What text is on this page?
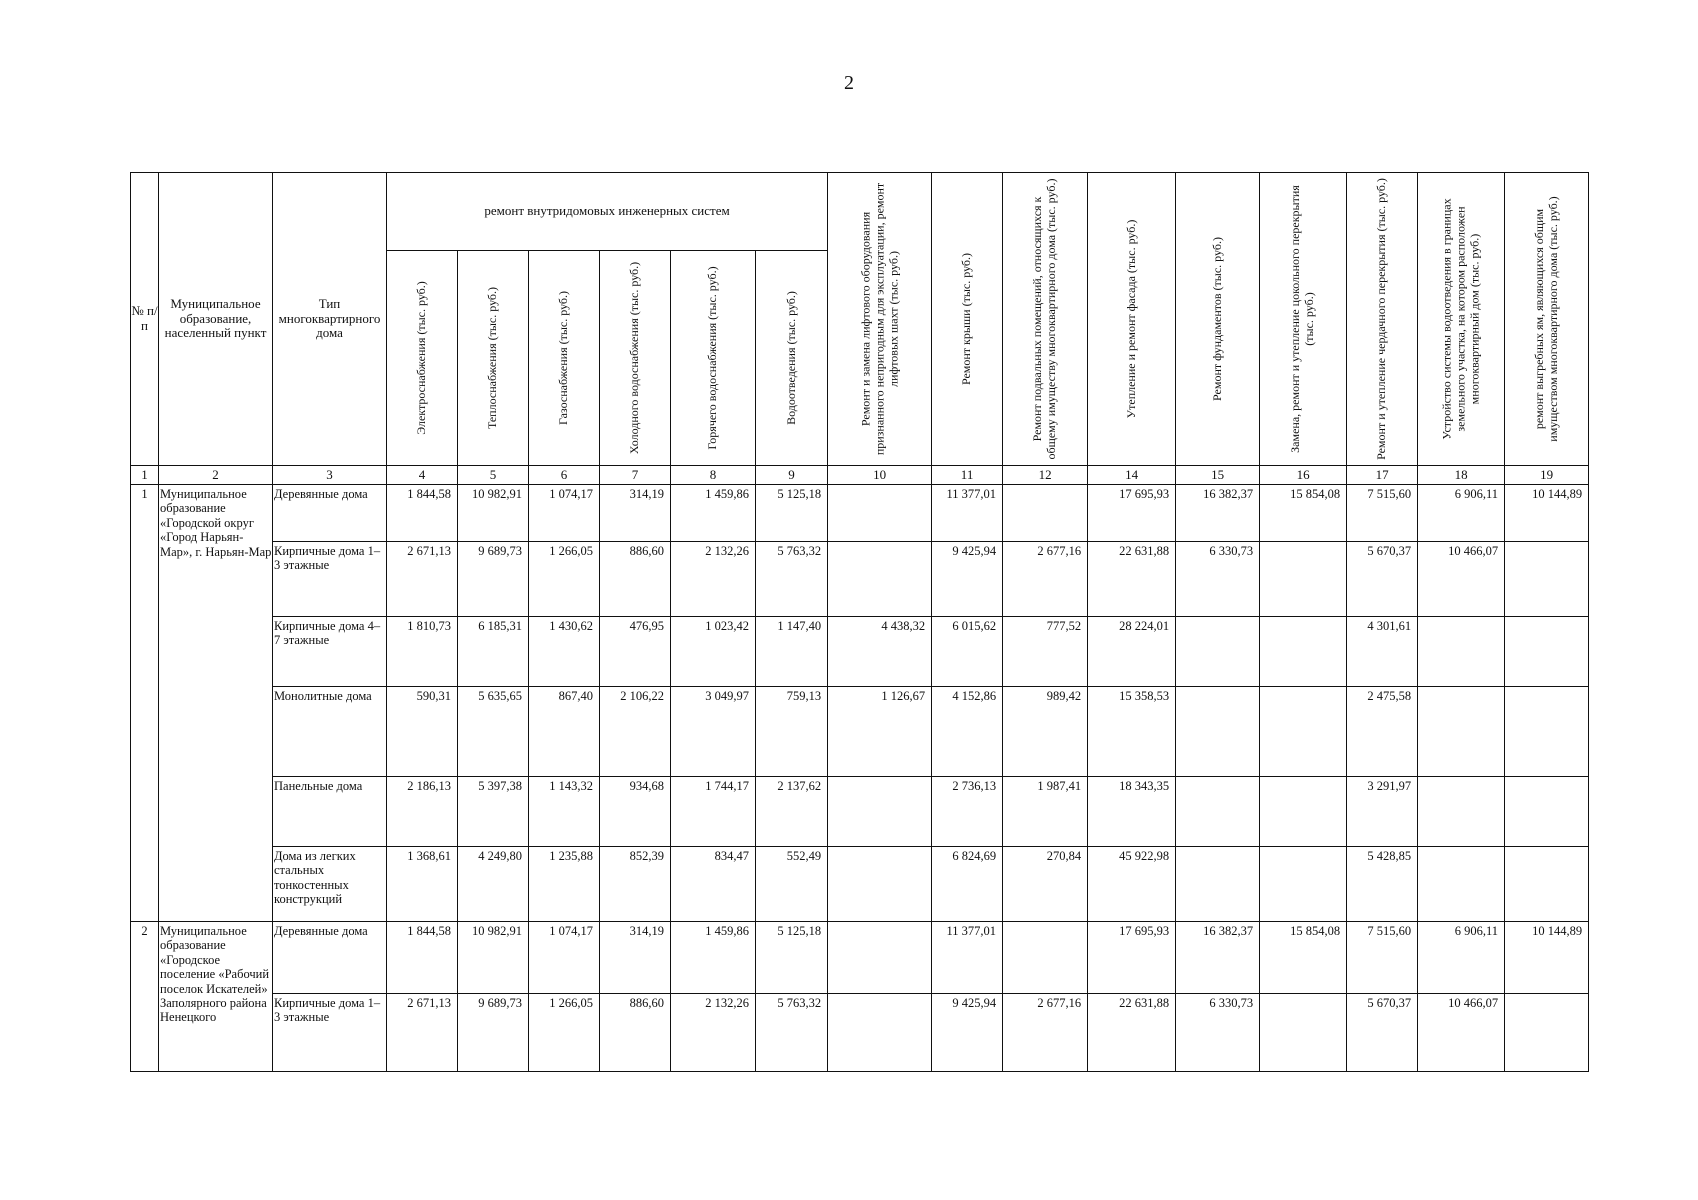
2
№ п/п	Муниципальное образование, населенный пункт	Тип многоквартирного дома	ремонт внутридомовых инженерных систем						Ремонт и замена лифтового оборудования признанного непригодным для эксплуатации, ремонт лифтовых шахт (тыс. руб.)	Ремонт крыши (тыс. руб.)	Ремонт подвальных помещений, относящихся к общему имуществу многоквартирного дома (тыс. руб.)	Утепление и ремонт фасада (тыс. руб.)	Ремонт фундаментов (тыс. руб.)	Замена, ремонт и утепление цокольного перекрытия (тыс. руб.)	Ремонт и утепление чердачного перекрытия (тыс. руб.)	Устройство системы водоотведения в границах земельного участка, на котором расположен многоквартирный дом (тыс. руб.)	ремонт выгребных ям, являющихся общим имуществом многоквартирного дома (тыс. руб.)

			Электроснабжения (тыс. руб.)	Теплоснабжения (тыс. руб.)	Газоснабжения (тыс. руб.)	Холодного водоснабжения (тыс. руб.)	Горячего водоснабжения (тыс. руб.)	Водоотведения (тыс. руб.)									

1	2	3	4	5	6	7	8	9	10	11	12	14	15	16	17	18	19
1	Муниципальное образование «Городской округ «Город Нарьян-Мар», г. Нарьян-Мар	Деревянные дома	1 844,58	10 982,91	1 074,17	314,19	1 459,86	5 125,18		11 377,01		17 695,93	16 382,37	15 854,08	7 515,60	6 906,11	10 144,89
		Кирпичные дома 1–3 этажные	2 671,13	9 689,73	1 266,05	886,60	2 132,26	5 763,32		9 425,94	2 677,16	22 631,88	6 330,73		5 670,37	10 466,07	
		Кирпичные дома 4–7 этажные	1 810,73	6 185,31	1 430,62	476,95	1 023,42	1 147,40	4 438,32	6 015,62	777,52	28 224,01			4 301,61		
		Монолитные дома	590,31	5 635,65	867,40	2 106,22	3 049,97	759,13	1 126,67	4 152,86	989,42	15 358,53			2 475,58		
		Панельные дома	2 186,13	5 397,38	1 143,32	934,68	1 744,17	2 137,62		2 736,13	1 987,41	18 343,35			3 291,97		
		Дома из легких стальных тонкостенных конструкций	1 368,61	4 249,80	1 235,88	852,39	834,47	552,49		6 824,69	270,84	45 922,98			5 428,85		
2	Муниципальное образование «Городское поселение «Рабочий поселок Искателей» Заполярного района Ненецкого	Деревянные дома	1 844,58	10 982,91	1 074,17	314,19	1 459,86	5 125,18		11 377,01		17 695,93	16 382,37	15 854,08	7 515,60	6 906,11	10 144,89
		Кирпичные дома 1–3 этажные	2 671,13	9 689,73	1 266,05	886,60	2 132,26	5 763,32		9 425,94	2 677,16	22 631,88	6 330,73		5 670,37	10 466,07	
